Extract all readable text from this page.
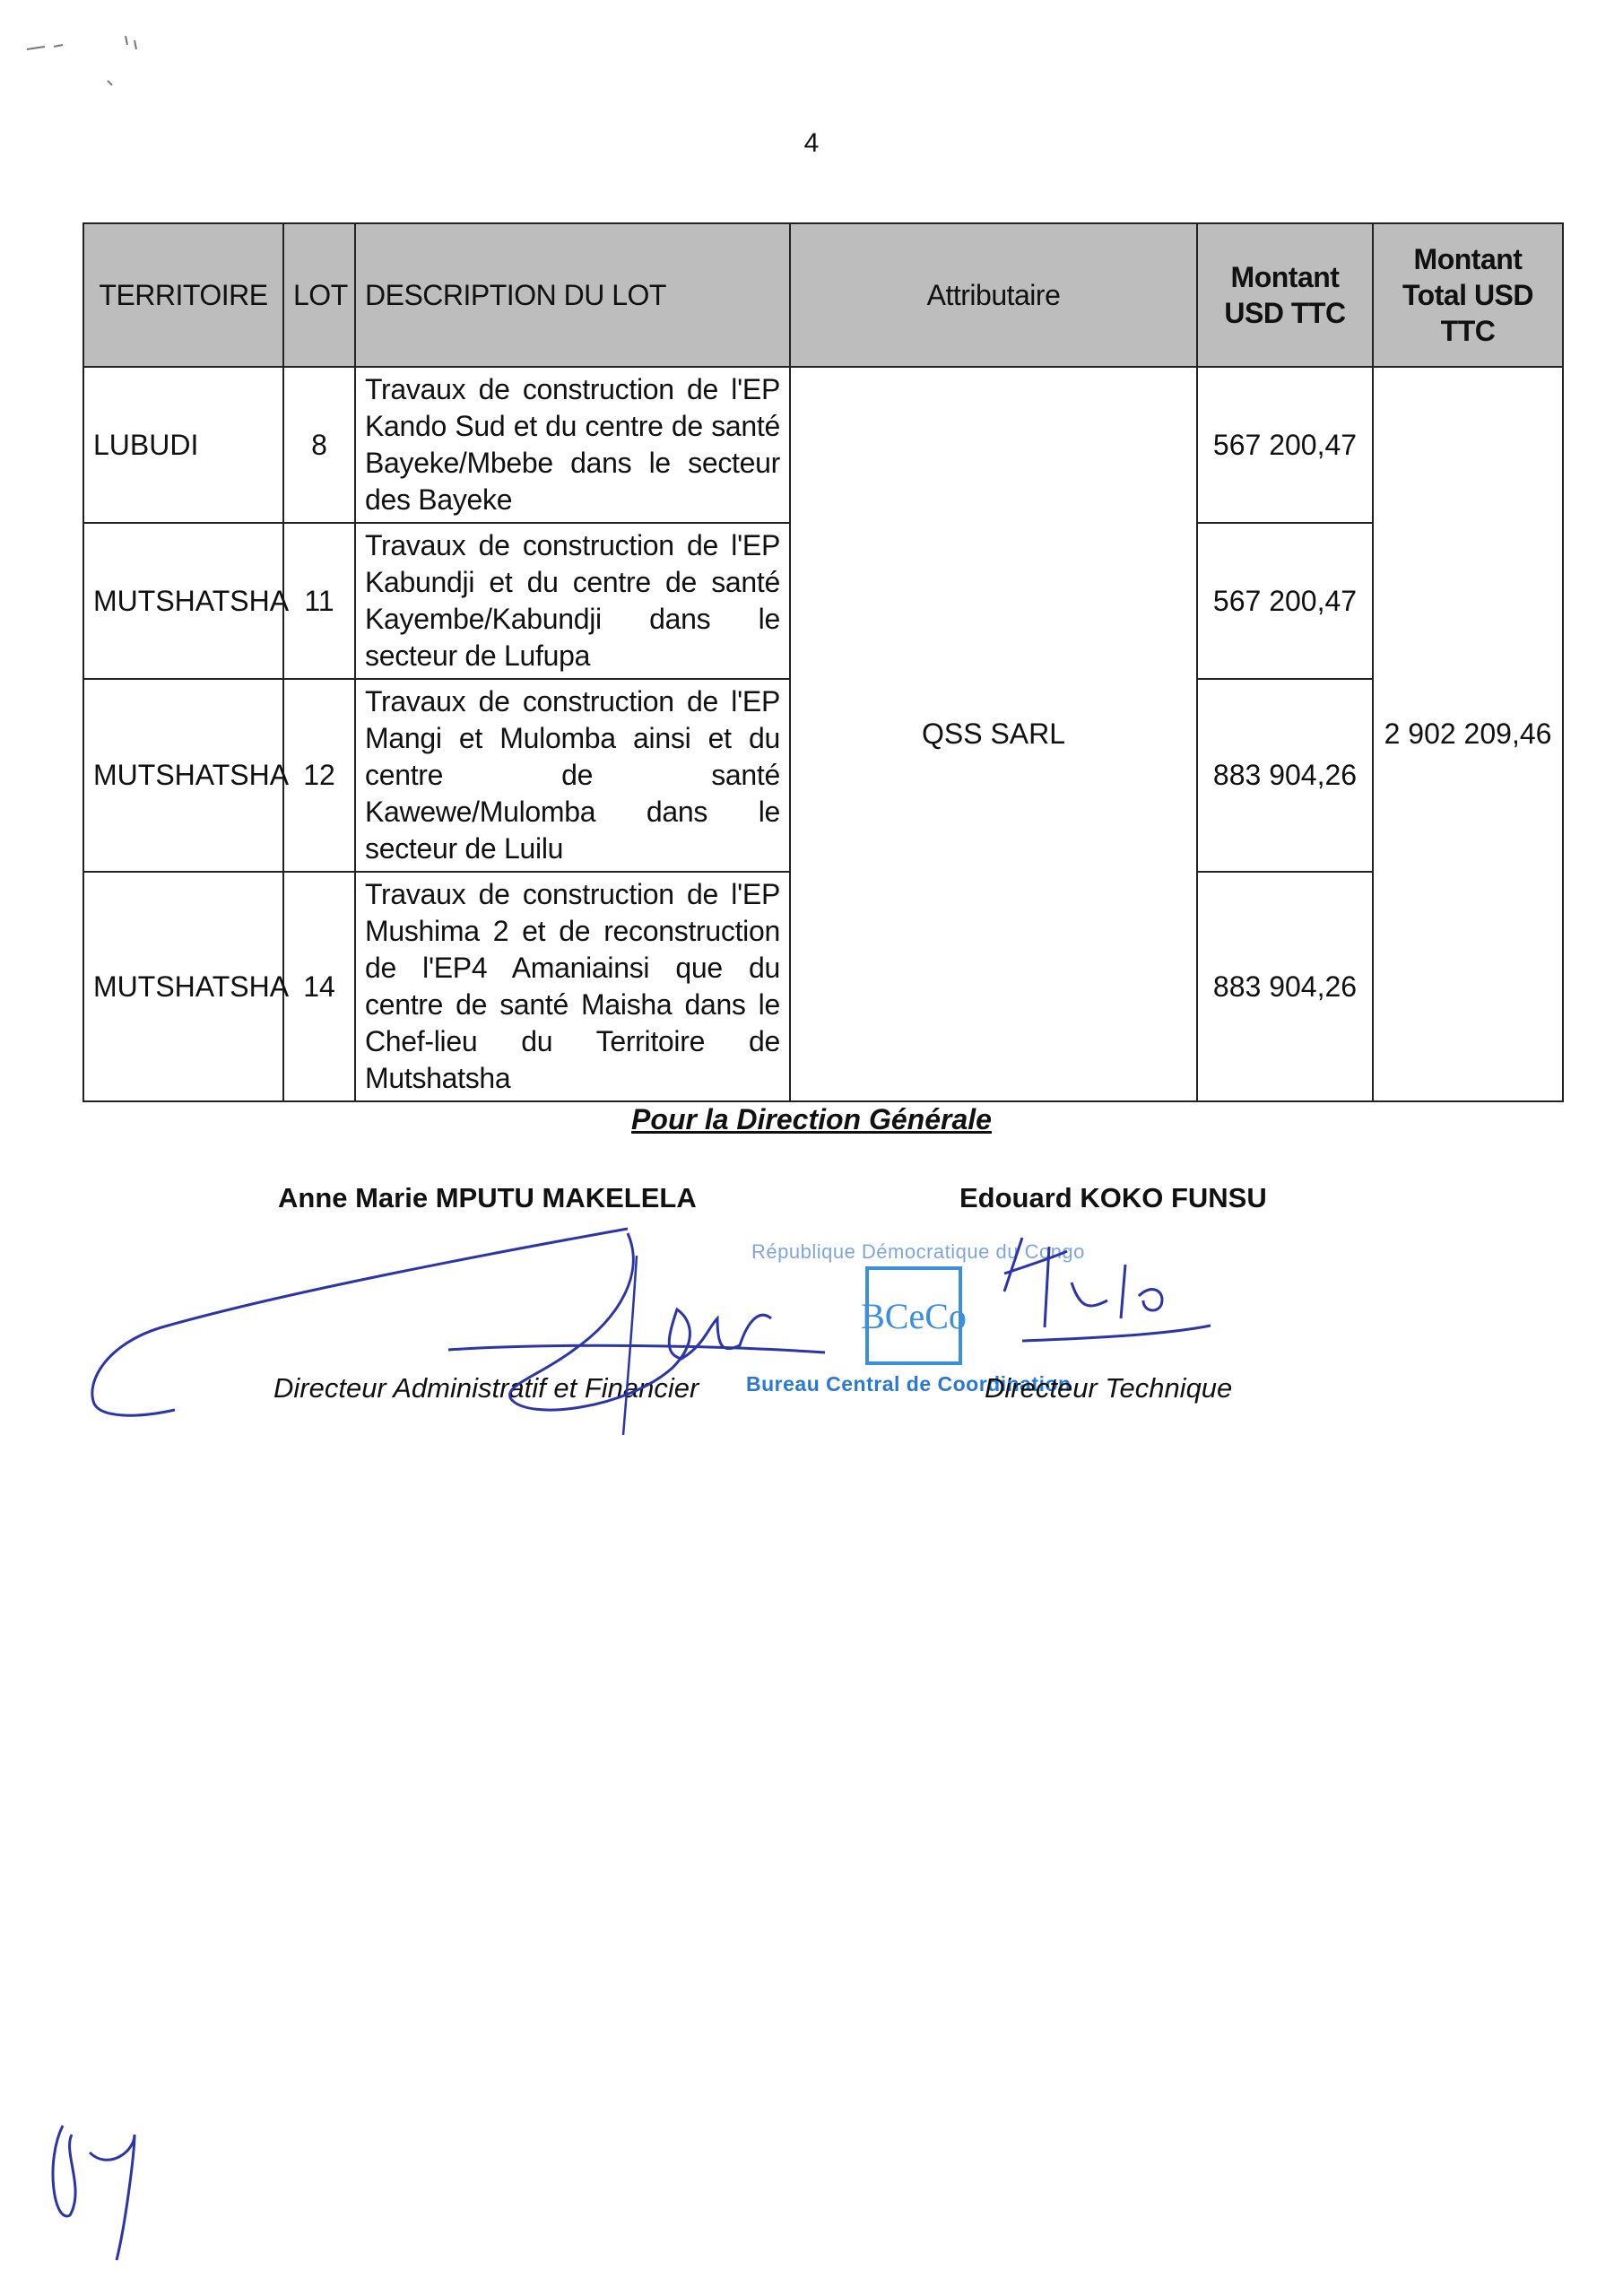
4
TERRITOIRE	LOT	DESCRIPTION DU LOT	Attributaire	Montant USD TTC	Montant Total USD TTC
LUBUDI	8	Travaux de construction de l'EP Kando Sud et du centre de santé Bayeke/Mbebe dans le secteur des Bayeke	QSS SARL	567 200,47	2 902 209,46
MUTSHATSHA	11	Travaux de construction de l'EP Kabundji et du centre de santé Kayembe/Kabundji dans le secteur de Lufupa		567 200,47	
MUTSHATSHA	12	Travaux de construction de l'EP Mangi et Mulomba ainsi et du centre de santé Kawewe/Mulomba dans le secteur de Luilu		883 904,26	
MUTSHATSHA	14	Travaux de construction de l'EP Mushima 2 et de reconstruction de l'EP4 Amaniainsi que du centre de santé Maisha dans le Chef-lieu du Territoire de Mutshatsha		883 904,26	
Pour la Direction Générale
Anne Marie MPUTU MAKELELA	Edouard KOKO FUNSU
République Démocratique du Congo
BCeCo
Bureau Central de Coordination
Directeur Administratif et Financier	Directeur Technique
